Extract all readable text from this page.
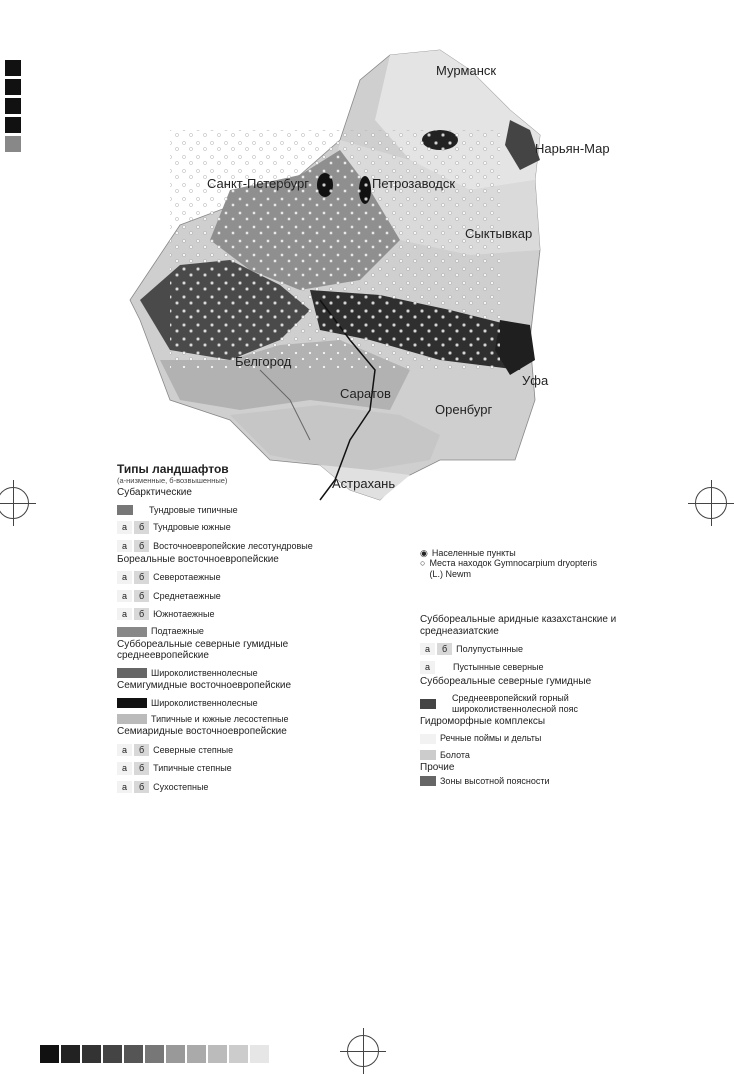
Мурманск
Нарьян-Мар
Санкт-Петербург	Петрозаводск
Сыктывкар
Белгород
Уфа
Саратов
Оренбург
Астрахань
Типы ландшафтов
(а-низменные, б-возвышенные)
Субарктические
Тундровые типичные
а	б	Тундровые южные
а	б	Восточноевропейские лесотундровые
Бореальные восточноевропейские
а	б	Северотаежные
а	б	Среднетаежные
а	б	Южнотаежные
Подтаежные
Суббореальные северные гумидные среднеевропейские
Широколиственнолесные
Семигумидные восточноевропейские
Широколиственнолесные
Типичные и южные лесостепные
Семиаридные восточноевропейские
а	б	Северные степные
а	б	Типичные степные
а	б	Сухостепные
◉ Населенные пункты
○ Места находок Gymnocarpium dryopteris (L.) Newm
Суббореальные аридные казахстанские и среднеазиатские
а	б	Полупустынные
а	Пустынные северные
Суббореальные северные гумидные
Среднеевропейский горный широколиственнолесной пояс
Гидроморфные комплексы
Речные поймы и дельты
Болота
Прочие
Зоны высотной поясности
